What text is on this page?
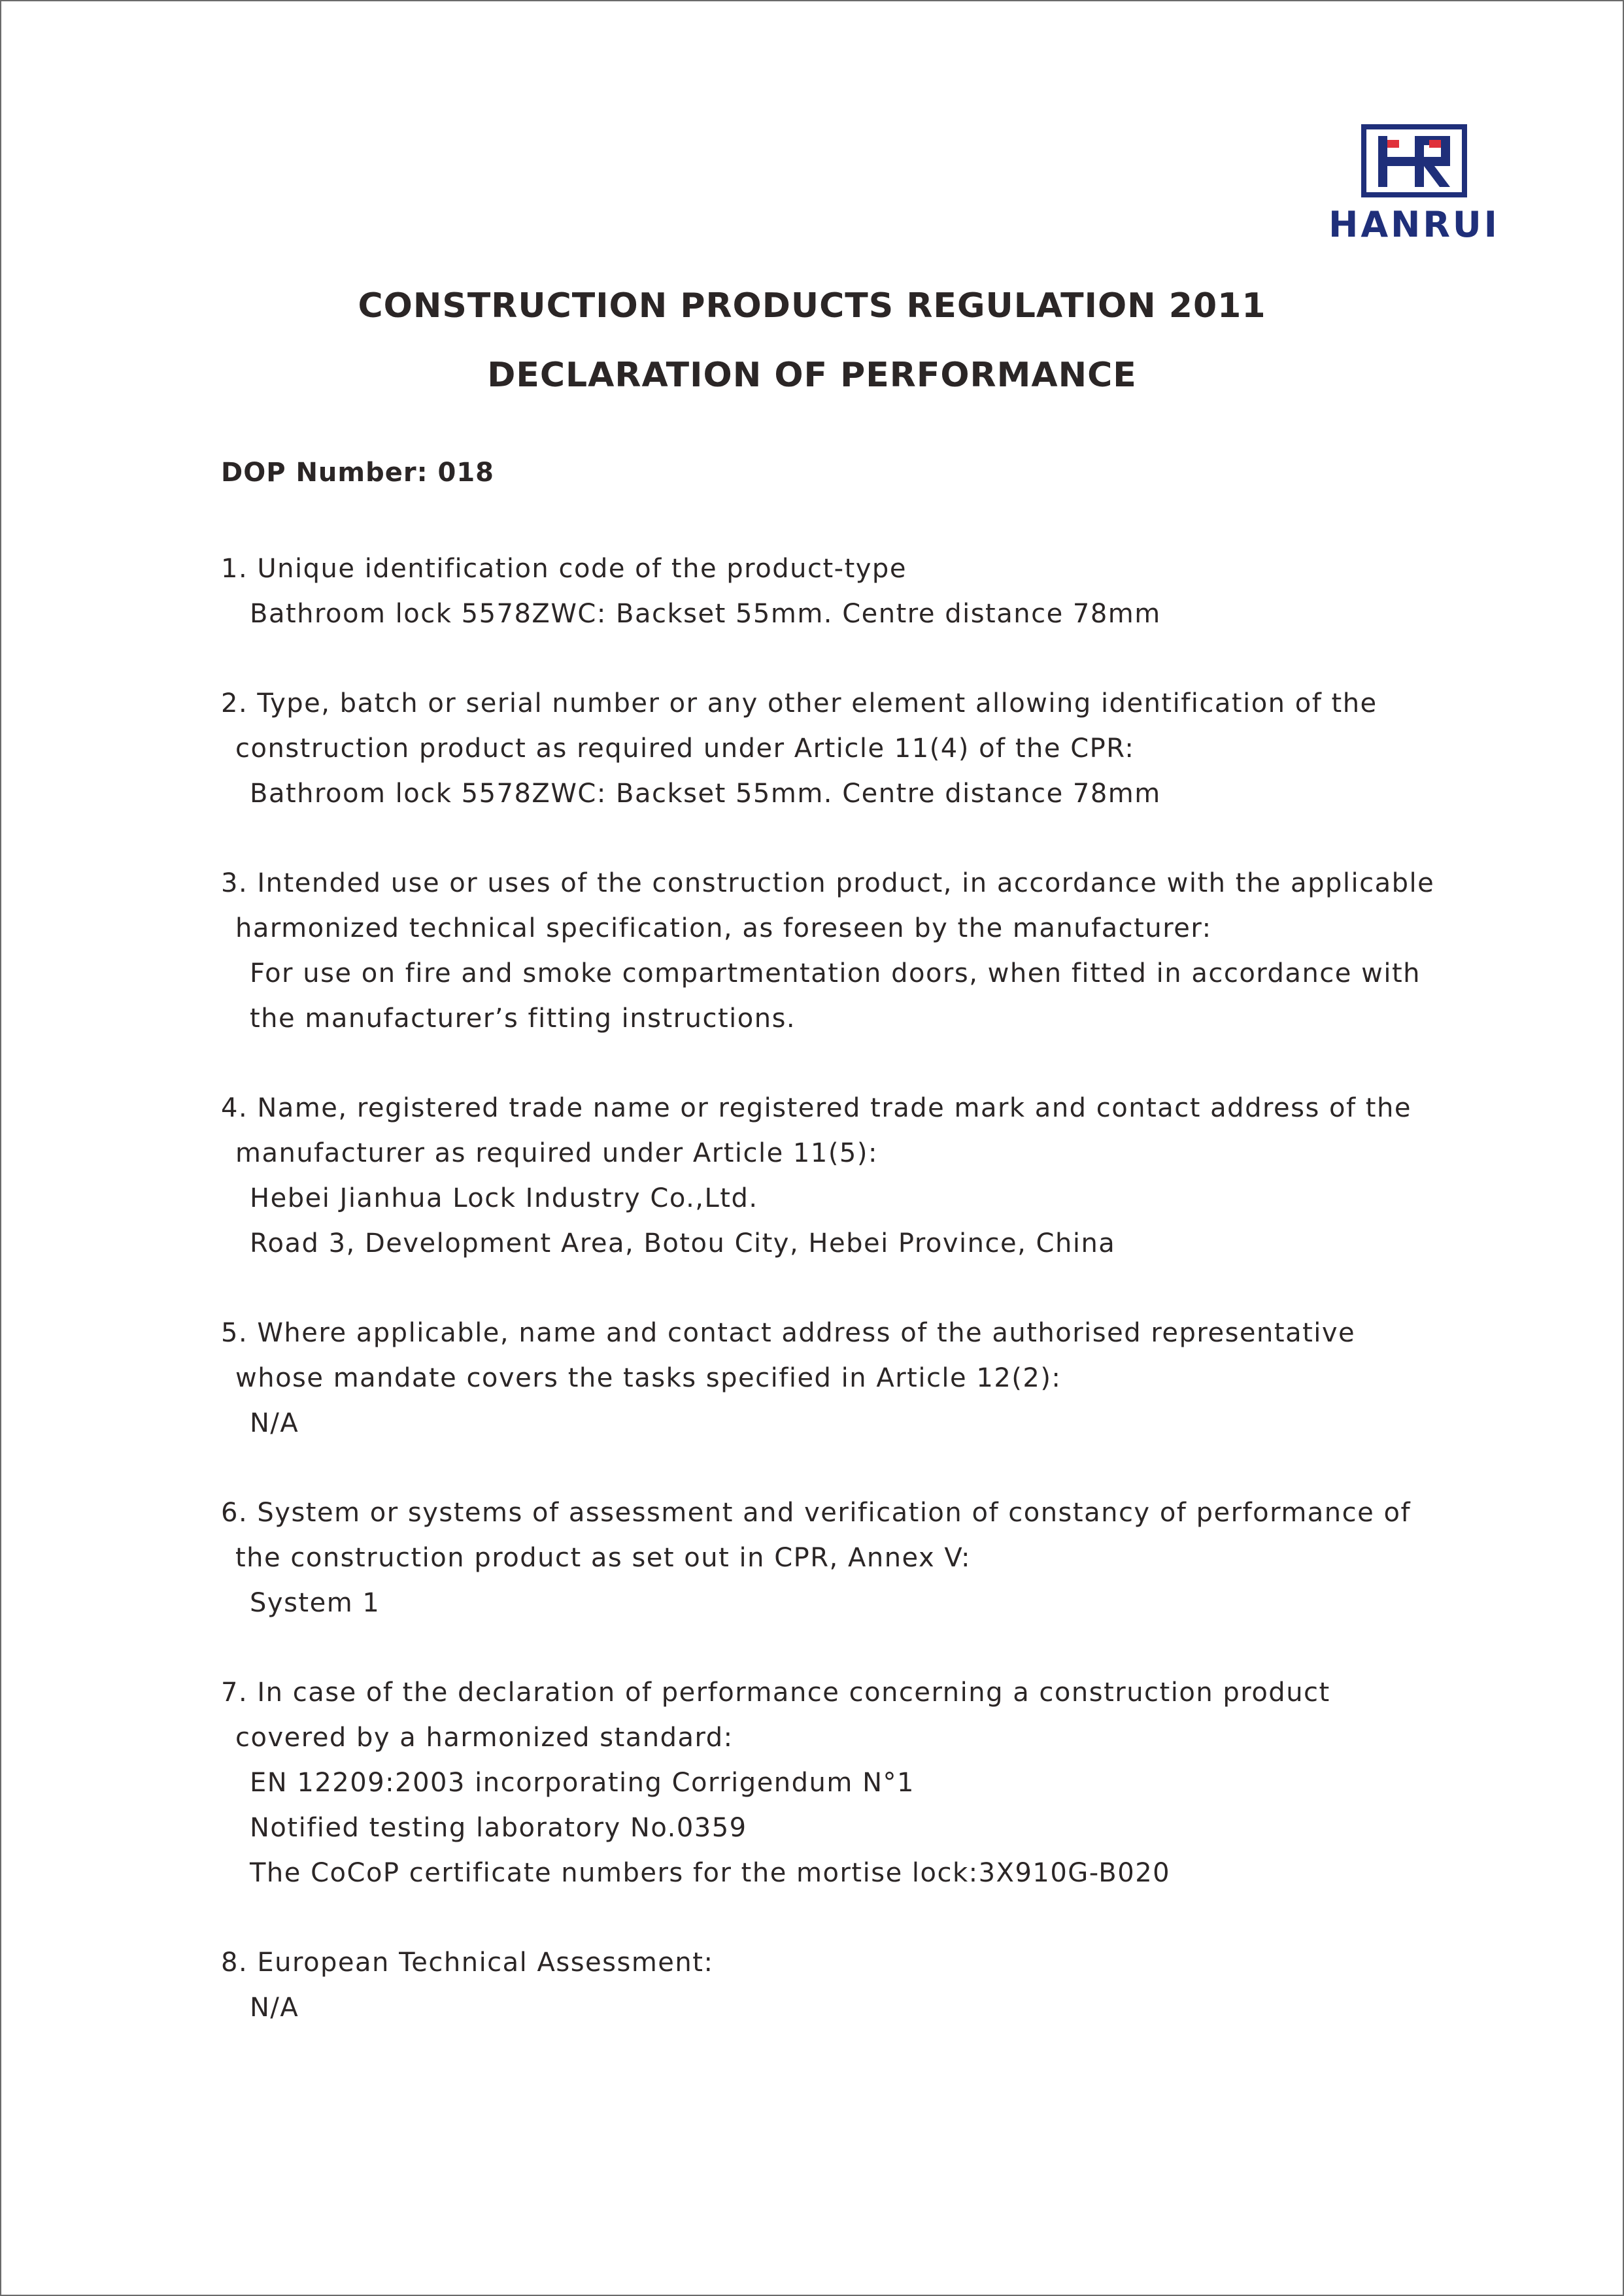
HANRUI
CONSTRUCTION PRODUCTS REGULATION 2011
DECLARATION OF PERFORMANCE

DOP Number: 018

1. Unique identification code of the product-type
Bathroom lock 5578ZWC: Backset 55mm. Centre distance 78mm
2. Type, batch or serial number or any other element allowing identification of the
construction product as required under Article 11(4) of the CPR:
Bathroom lock 5578ZWC: Backset 55mm. Centre distance 78mm
3. Intended use or uses of the construction product, in accordance with the applicable
harmonized technical specification, as foreseen by the manufacturer:
For use on fire and smoke compartmentation doors, when fitted in accordance with
the manufacturer’s fitting instructions.
4. Name, registered trade name or registered trade mark and contact address of the
manufacturer as required under Article 11(5):
Hebei Jianhua Lock Industry Co.,Ltd.
Road 3, Development Area, Botou City, Hebei Province, China
5. Where applicable, name and contact address of the authorised representative
whose mandate covers the tasks specified in Article 12(2):
N/A
6. System or systems of assessment and verification of constancy of performance of
the construction product as set out in CPR, Annex V:
System 1
7. In case of the declaration of performance concerning a construction product
covered by a harmonized standard:
EN 12209:2003 incorporating Corrigendum N°1
Notified testing laboratory No.0359
The CoCoP certificate numbers for the mortise lock:3X910G-B020
8. European Technical Assessment:
N/A
